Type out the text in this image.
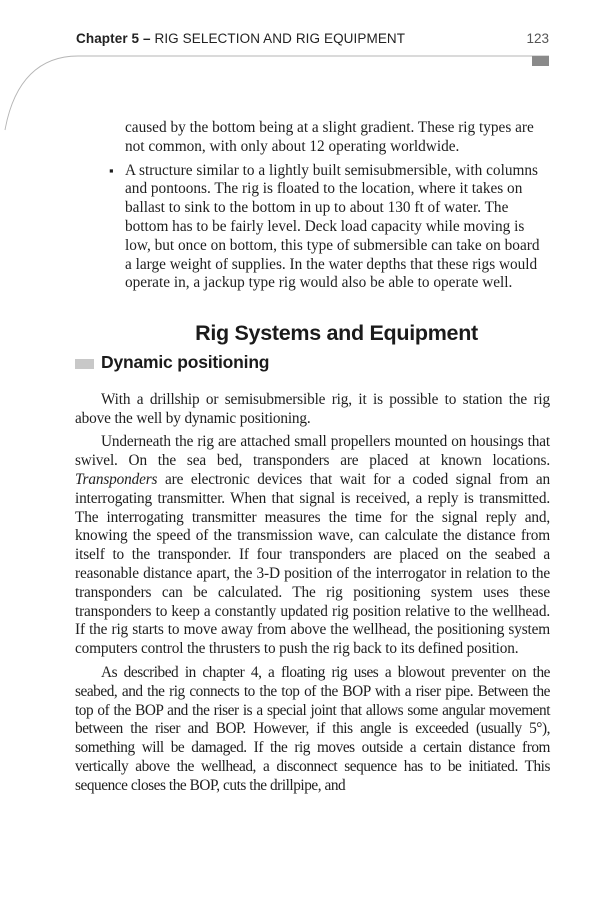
Chapter 5 – RIG SELECTION AND RIG EQUIPMENT	123

caused by the bottom being at a slight gradient. These rig types are not common, with only about 12 operating worldwide.

▪ A structure similar to a lightly built semisubmersible, with columns and pontoons. The rig is floated to the location, where it takes on ballast to sink to the bottom in up to about 130 ft of water. The bottom has to be fairly level. Deck load capacity while moving is low, but once on bottom, this type of submersible can take on board a large weight of supplies. In the water depths that these rigs would operate in, a jackup type rig would also be able to operate well.
Rig Systems and Equipment
Dynamic positioning

With a drillship or semisubmersible rig, it is possible to station the rig above the well by dynamic positioning.

Underneath the rig are attached small propellers mounted on housings that swivel. On the sea bed, transponders are placed at known locations. Transponders are electronic devices that wait for a coded signal from an interrogating transmitter. When that signal is received, a reply is transmitted. The interrogating transmitter measures the time for the signal reply and, knowing the speed of the transmission wave, can calculate the distance from itself to the transponder. If four transponders are placed on the seabed a reasonable distance apart, the 3-D position of the interrogator in relation to the transponders can be calculated. The rig positioning system uses these transponders to keep a constantly updated rig position relative to the wellhead. If the rig starts to move away from above the wellhead, the positioning system computers control the thrusters to push the rig back to its defined position.

As described in chapter 4, a floating rig uses a blowout preventer on the seabed, and the rig connects to the top of the BOP with a riser pipe. Between the top of the BOP and the riser is a special joint that allows some angular movement between the riser and BOP. However, if this angle is exceeded (usually 5°), something will be damaged. If the rig moves outside a certain distance from vertically above the wellhead, a disconnect sequence has to be initiated. This sequence closes the BOP, cuts the drillpipe, and
